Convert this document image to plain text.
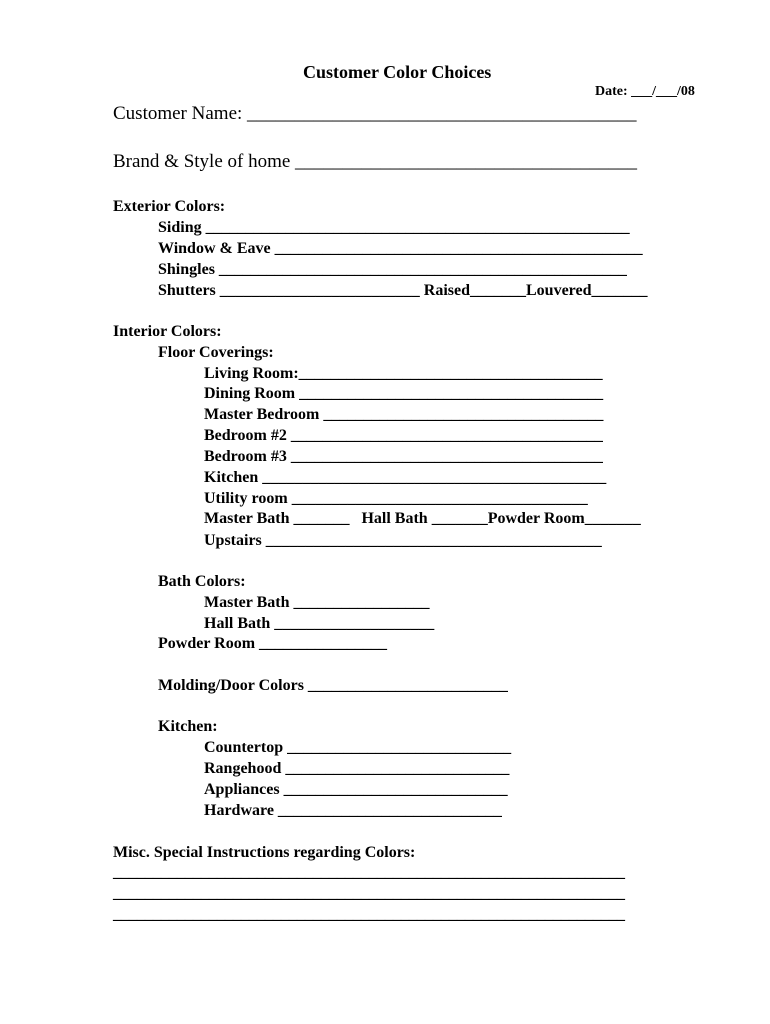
Customer Color Choices
Date: ___/___/08
Customer Name: _________________________________________
Brand & Style of home ____________________________________
Exterior Colors:
Siding _____________________________________________________
Window & Eave ______________________________________________
Shingles ___________________________________________________
Shutters _________________________ Raised_______Louvered_______
Interior Colors:
Floor Coverings:
Living Room:______________________________________
Dining Room ______________________________________
Master Bedroom ___________________________________
Bedroom #2 _______________________________________
Bedroom #3 _______________________________________
Kitchen ___________________________________________
Utility room _____________________________________
Master Bath _______   Hall Bath _______Powder Room_______
Upstairs __________________________________________
Bath Colors:
Master Bath _________________
Hall Bath ____________________
Powder Room ________________
Molding/Door Colors _________________________
Kitchen:
Countertop ____________________________
Rangehood ____________________________
Appliances ____________________________
Hardware ____________________________
Misc. Special Instructions regarding Colors:
________________________________________________________________
________________________________________________________________
________________________________________________________________
